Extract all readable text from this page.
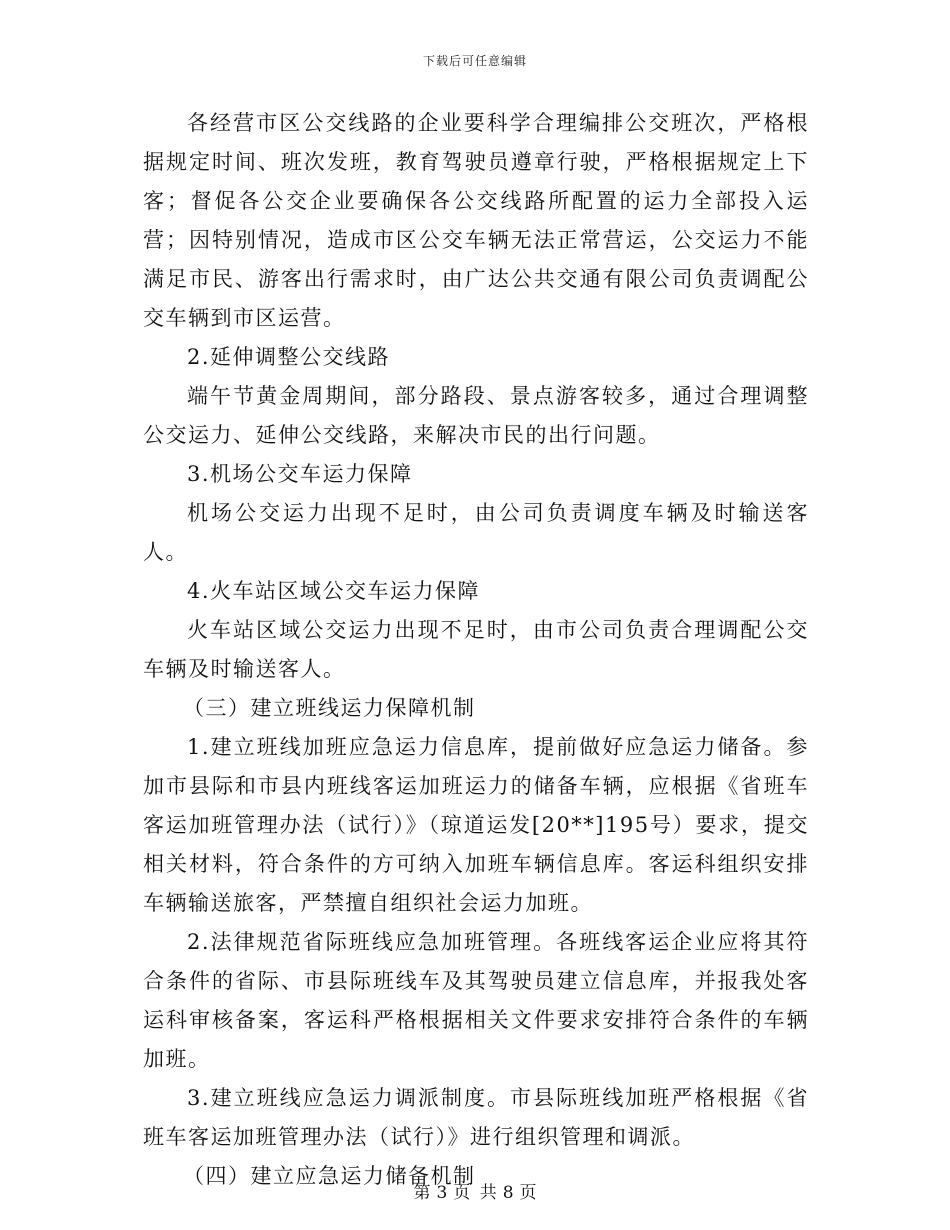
下载后可任意编辑

各经营市区公交线路的企业要科学合理编排公交班次，严格根据规定时间、班次发班，教育驾驶员遵章行驶，严格根据规定上下客；督促各公交企业要确保各公交线路所配置的运力全部投入运营；因特别情况，造成市区公交车辆无法正常营运，公交运力不能满足市民、游客出行需求时，由广达公共交通有限公司负责调配公交车辆到市区运营。

2.延伸调整公交线路

端午节黄金周期间，部分路段、景点游客较多，通过合理调整公交运力、延伸公交线路，来解决市民的出行问题。

3.机场公交车运力保障

机场公交运力出现不足时，由公司负责调度车辆及时输送客人。

4.火车站区域公交车运力保障

火车站区域公交运力出现不足时，由市公司负责合理调配公交车辆及时输送客人。

（三）建立班线运力保障机制

1.建立班线加班应急运力信息库，提前做好应急运力储备。参加市县际和市县内班线客运加班运力的储备车辆，应根据《省班车客运加班管理办法（试行）》（琼道运发[20**]195号）要求，提交相关材料，符合条件的方可纳入加班车辆信息库。客运科组织安排车辆输送旅客，严禁擅自组织社会运力加班。

2.法律规范省际班线应急加班管理。各班线客运企业应将其符合条件的省际、市县际班线车及其驾驶员建立信息库，并报我处客运科审核备案，客运科严格根据相关文件要求安排符合条件的车辆加班。

3.建立班线应急运力调派制度。市县际班线加班严格根据《省班车客运加班管理办法（试行）》进行组织管理和调派。

（四）建立应急运力储备机制

第 3 页 共 8 页
